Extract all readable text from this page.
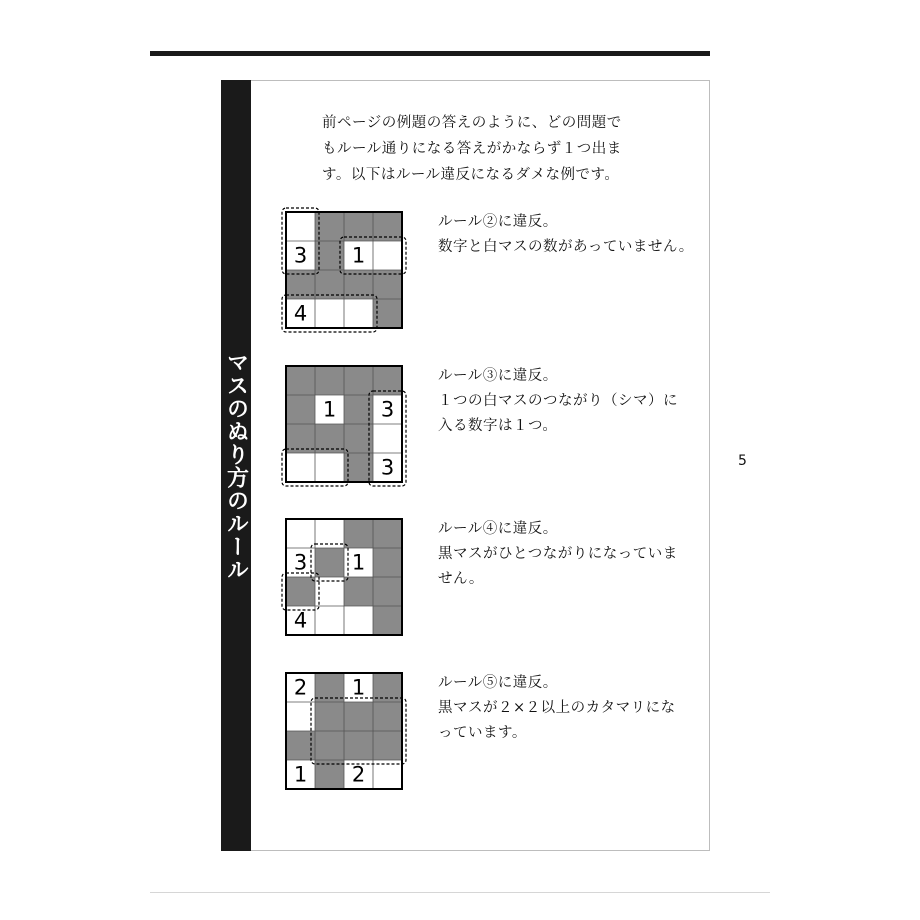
マスのぬり方のルール

前ページの例題の答えのように、どの問題で

もルール通りになる答えがかならず１つ出ま

す。以下はルール違反になるダメな例です。

3 1
4

ルール②に違反。

数字と白マスの数があっていません。

1 3
3

ルール③に違反。

１つの白マスのつながり（シマ）に

入る数字は１つ。

3 1
4

ルール④に違反。

黒マスがひとつながりになっていま

せん。

2 1
1 2

ルール⑤に違反。

黒マスが２×２以上のカタマリにな

っています。

5
